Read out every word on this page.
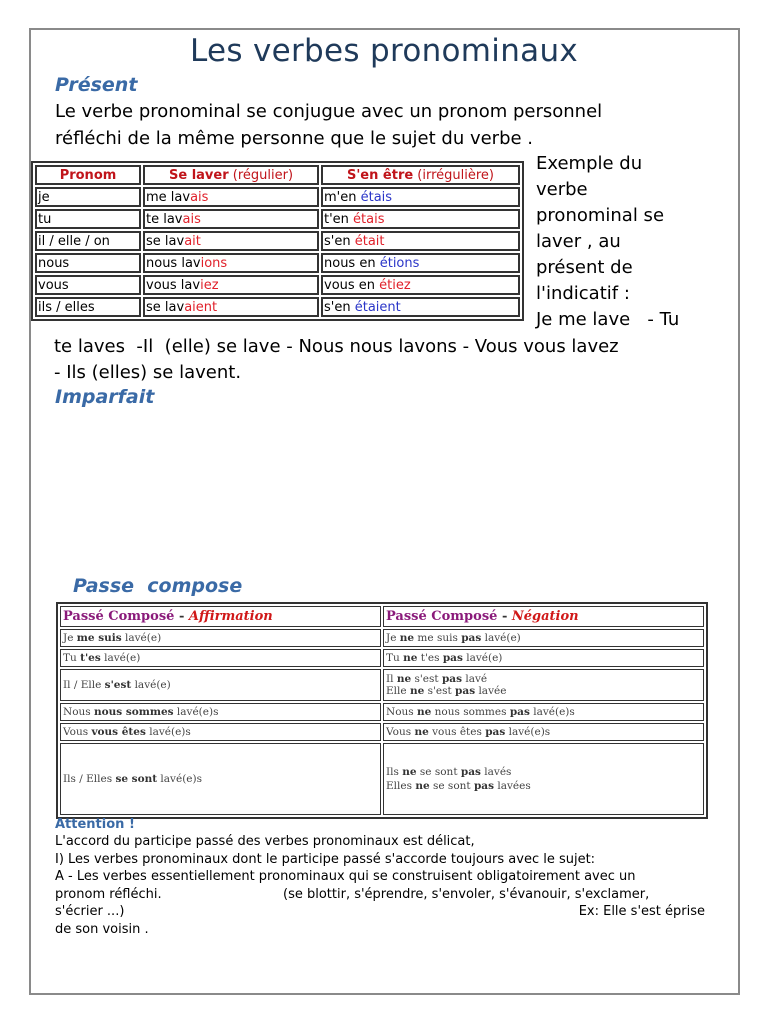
Les verbes pronominaux
Présent
Le verbe pronominal se conjugue avec un pronom personnel
réfléchi de la même personne que le sujet du verbe .
Pronom	Se laver (régulier)	S'en être (irrégulière)
je	me lavais	m'en étais
tu	te lavais	t'en étais
il / elle / on	se lavait	s'en était
nous	nous lavions	nous en étions
vous	vous laviez	vous en étiez
ils / elles	se lavaient	s'en étaient
Exemple du
verbe
pronominal se
laver , au
présent de
l'indicatif :
Je me lave   - Tu
te laves  -Il  (elle) se lave - Nous nous lavons - Vous vous lavez
- Ils (elles) se lavent.
Imparfait
Passe  compose
Passé Composé - Affirmation	Passé Composé - Négation
Je me suis lavé(e)	Je ne me suis pas lavé(e)
Tu t'es lavé(e)	Tu ne t'es pas lavé(e)
Il / Elle s'est lavé(e)	Il ne s'est pas lavé
Elle ne s'est pas lavée

Nous nous sommes lavé(e)s	Nous ne nous sommes pas lavé(e)s
Vous vous êtes lavé(e)s	Vous ne vous êtes pas lavé(e)s
Ils / Elles se sont lavé(e)s	Ils ne se sont pas lavés
Elles ne se sont pas lavées
Attention !
L'accord du participe passé des verbes pronominaux est délicat,
I) Les verbes pronominaux dont le participe passé s'accorde toujours avec le sujet:
A - Les verbes essentiellement pronominaux qui se construisent obligatoirement avec un
pronom réfléchi.	(se blottir, s'éprendre, s'envoler, s'évanouir, s'exclamer,
s'écrier ...)	Ex: Elle s'est éprise
de son voisin .
